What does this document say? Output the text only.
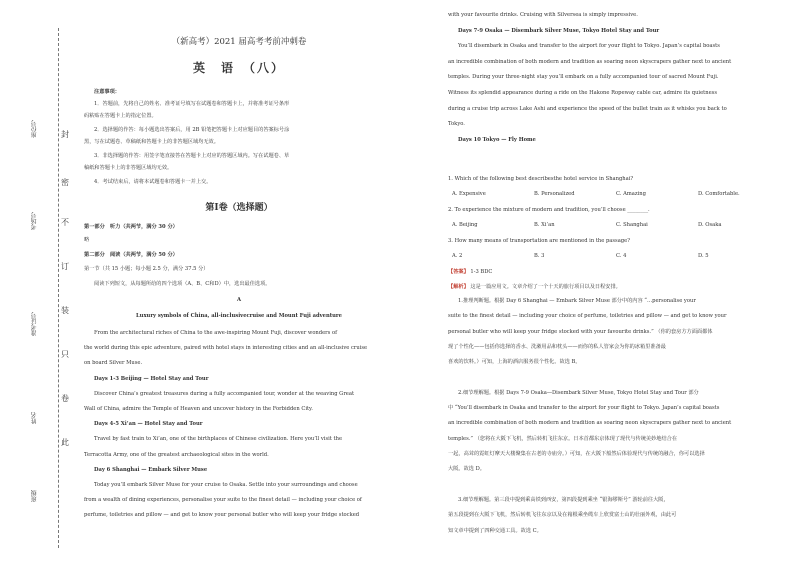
封
密
不
订
装
只
卷
此
座位号
考场号
准考证号
姓名
班级
（新高考）2021 届高考考前冲刺卷
英　语　（八）
注意事项：
1．答题前，先将自己的姓名、准考证号填写在试题卷和答题卡上，并将准考证号条形
码粘贴在答题卡上的指定位置。
2．选择题的作答：每小题选出答案后，用 2B 铅笔把答题卡上对应题目的答案标号涂
黑，写在试题卷、草稿纸和答题卡上的非答题区域均无效。
3．非选择题的作答：用签字笔直接答在答题卡上对应的答题区域内。写在试题卷、草
稿纸和答题卡上的非答题区域均无效。
4．考试结束后，请将本试题卷和答题卡一并上交。
第Ⅰ卷（选择题）
第一部分　听力（共两节，满分 30 分）
略
第二部分　阅读（共两节，满分 50 分）
第一节（共 15 小题；每小题 2.5 分，满分 37.5 分）
阅读下列短文，从每题所给的四个选项（A、B、C和D）中，选出最佳选项。
A
Luxury symbols of China, all-inclusivecruise and Mount Fuji adventure
From the architectural riches of China to the awe-inspiring Mount Fuji, discover wonders of
the world during this epic adventure, paired with hotel stays in interesting cities and an all-inclusive cruise
on board Silver Muse.
Days 1-3 Beijing — Hotel Stay and Tour
Discover China’s greatest treasures during a fully accompanied tour, wonder at the weaving Great
Wall of China, admire the Temple of Heaven and uncover history in the Forbidden City.
Days 4-5 Xi’an — Hotel Stay and Tour
Travel by fast train to Xi’an, one of the birthplaces of Chinese civilization. Here you’ll visit the
Terracotta Army, one of the greatest archaeological sites in the world.
Day 6 Shanghai — Embark Silver Muse
Today you’ll embark Silver Muse for your cruise to Osaka. Settle into your surroundings and choose
from a wealth of dining experiences, personalise your suite to the finest detail — including your choice of
perfume, toiletries and pillow — and get to know your personal butler who will keep your fridge stocked
with your favourite drinks. Cruising with Silversea is simply impressive.
Days 7-9 Osaka — Disembark Silver Muse, Tokyo Hotel Stay and Tour
You’ll disembark in Osaka and transfer to the airport for your flight to Tokyo. Japan’s capital boasts
an incredible combination of both modern and tradition as soaring neon skyscrapers gather next to ancient
temples. During your three-night stay you’ll embark on a fully accompanied tour of sacred Mount Fuji.
Witness its splendid appearance during a ride on the Hakone Ropeway cable car, admire its quietness
during a cruise trip across Lake Ashi and experience the speed of the bullet train as it whisks you back to
Tokyo.
Days 10 Tokyo — Fly Home
1. Which of the following best describesthe hotel service in Shanghai?
A. Expensive	B. Personalized	C. Amazing	D. Comfortable.
2. To experience the mixture of modern and tradition, you’ll choose ________.
A. Beijing	B. Xi’an	C. Shanghai	D. Osaka
3. How many means of transportation are mentioned in the passage?
A. 2	B. 3	C. 4	D. 5
【答案】 1-3 BDC
【解析】 这是一篇应用文。文章介绍了一个十天的旅行项目以及日程安排。
1.推理判断题。根据 Day 6 Shanghai — Embark Silver Muse 部分中的内容 “…personalise your
suite to the finest detail — including your choice of perfume, toiletries and pillow — and get to know your
personal butler who will keep your fridge stocked with your favourite drinks.” （你的套房方方面面都体
现了个性化——包括你选择的香水、洗漱用品和枕头——而你的私人管家会为你的冰箱里准备最
喜欢的饮料。）可知，上海的酒店服务很个性化。故选 B。
2.细节理解题。根据 Days 7-9 Osaka—Disembark Silver Muse, Tokyo Hotel Stay and Tour 部分
中 “You’ll disembark in Osaka and transfer to the airport for your flight to Tokyo. Japan’s capital boasts
an incredible combination of both modern and tradition as soaring neon skyscrapers gather next to ancient
temples.” （您将在大阪下飞机，然后转机飞往东京。日本首都东京体现了现代与传统美妙地结合在
一起，高耸的霓虹灯摩天大楼聚集在古老的寺庙旁。）可知，在大阪下船然后体验现代与传统的融合，你可以选择
大阪。故选 D。
3.细节理解题。第三段中提到乘高铁到西安，第四段提到乘坐 “银海缪斯号” 游轮前往大阪，
第五段提到在大阪下飞机，然后转机飞往东京以及在箱根乘坐缆车上欣赏富士山的壮丽外观，由此可
知文章中提到了四种交通工具。故选 C。
